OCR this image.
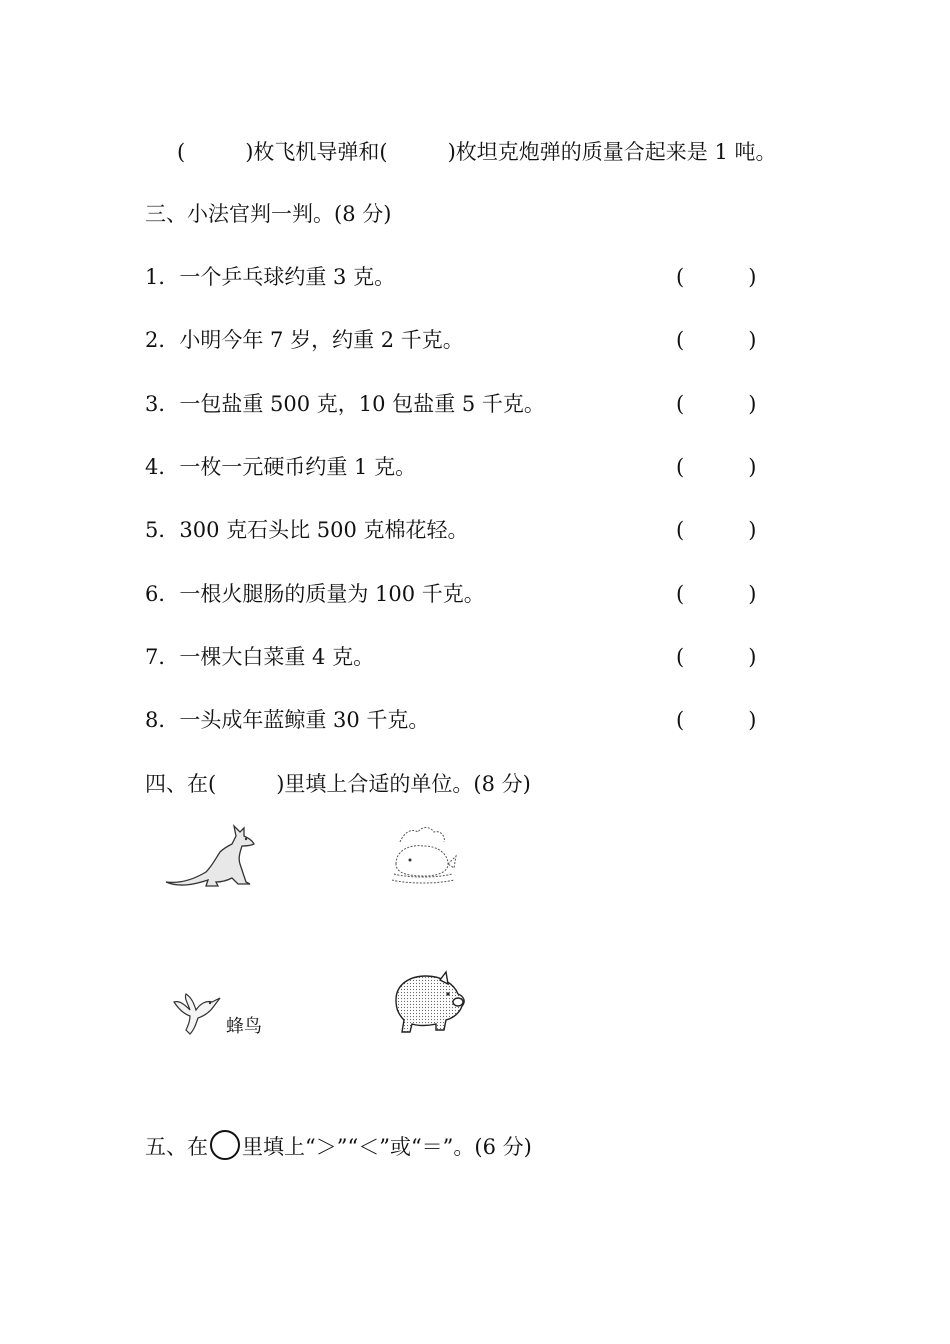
(	)枚飞机导弹和(	)枚坦克炮弹的质量合起来是 1 吨。
三、小法官判一判。(8 分)
1．一个乒乓球约重 3 克。	(	)
2．小明今年 7 岁，约重 2 千克。	(	)
3．一包盐重 500 克，10 包盐重 5 千克。	(	)
4．一枚一元硬币约重 1 克。	(	)
5．300 克石头比 500 克棉花轻。	(	)
6．一根火腿肠的质量为 100 千克。	(	)
7．一棵大白菜重 4 克。	(	)
8．一头成年蓝鲸重 30 千克。	(	)
四、在(	)里填上合适的单位。(8 分)
蜂鸟
五、在 里填上“＞”“＜”或“＝”。(6 分)
